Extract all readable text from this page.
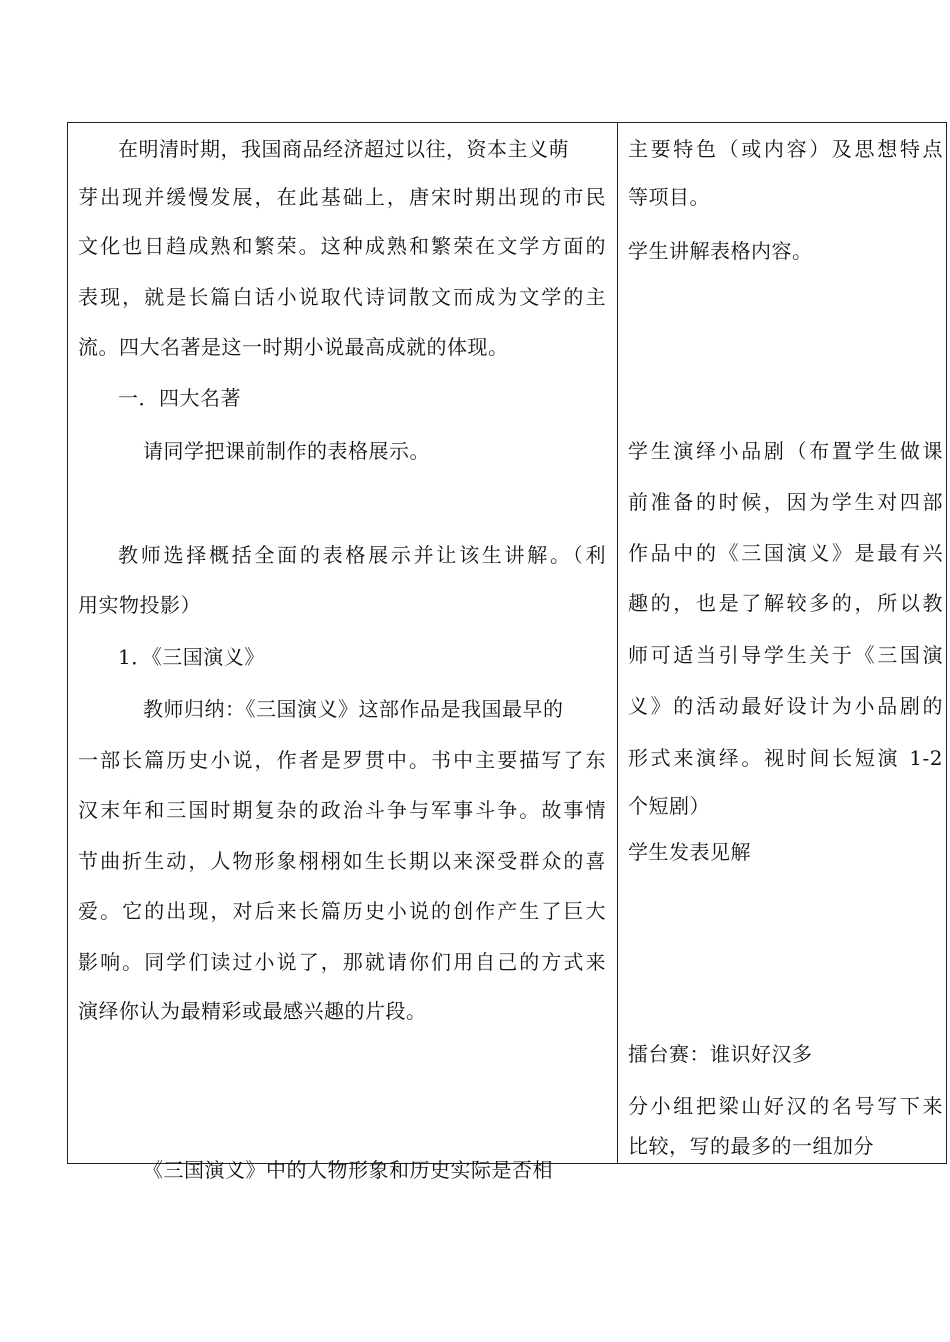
在明清时期，我国商品经济超过以往，资本主义萌
芽出现并缓慢发展，在此基础上，唐宋时期出现的市民
文化也日趋成熟和繁荣。这种成熟和繁荣在文学方面的
表现，就是长篇白话小说取代诗词散文而成为文学的主
流。四大名著是这一时期小说最高成就的体现。
一．四大名著
请同学把课前制作的表格展示。
教师选择概括全面的表格展示并让该生讲解。（利
用实物投影）
1．《三国演义》
教师归纳：《三国演义》这部作品是我国最早的
一部长篇历史小说，作者是罗贯中。书中主要描写了东
汉末年和三国时期复杂的政治斗争与军事斗争。故事情
节曲折生动，人物形象栩栩如生长期以来深受群众的喜
爱。它的出现，对后来长篇历史小说的创作产生了巨大
影响。同学们读过小说了，那就请你们用自己的方式来
演绎你认为最精彩或最感兴趣的片段。
《三国演义》中的人物形象和历史实际是否相
主要特色（或内容）及思想特点
等项目。
学生讲解表格内容。
学生演绎小品剧（布置学生做课
前准备的时候，因为学生对四部
作品中的《三国演义》是最有兴
趣的，也是了解较多的，所以教
师可适当引导学生关于《三国演
义》的活动最好设计为小品剧的
形式来演绎。视时间长短演 1-2
个短剧）
学生发表见解
擂台赛：谁识好汉多
分小组把梁山好汉的名号写下来
比较，写的最多的一组加分
